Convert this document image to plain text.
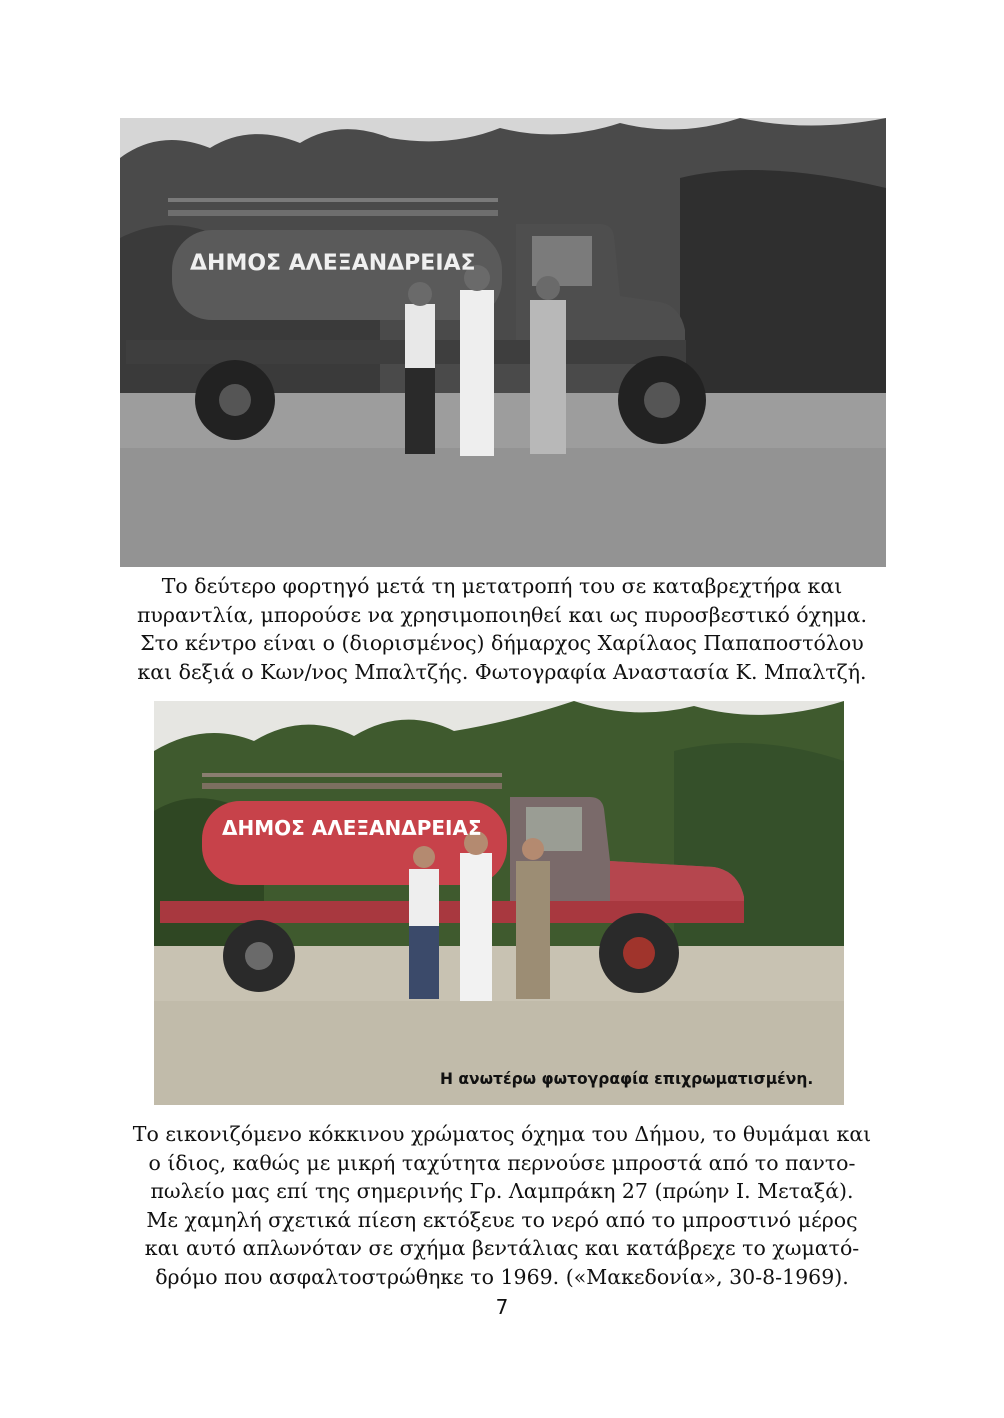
ΔΗΜΟΣ ΑΛΕΞΑΝΔΡΕΙΑΣ
Το δεύτερο φορτηγό μετά τη μετατροπή του σε καταβρεχτήρα και
πυραντλία, μπορούσε να χρησιμοποιηθεί και ως πυροσβεστικό όχημα.
Στο κέντρο είναι ο (διορισμένος) δήμαρχος Χαρίλαος Παπαποστόλου
και δεξιά ο Κων/νος Μπαλτζής. Φωτογραφία Αναστασία Κ. Μπαλτζή.
ΔΗΜΟΣ ΑΛΕΞΑΝΔΡΕΙΑΣ
Η ανωτέρω φωτογραφία επιχρωματισμένη.
Το εικονιζόμενο κόκκινου χρώματος όχημα του Δήμου, το θυμάμαι και
ο ίδιος, καθώς με μικρή ταχύτητα περνούσε μπροστά από το παντο-
πωλείο μας επί της σημερινής Γρ. Λαμπράκη 27 (πρώην Ι. Μεταξά).
Με χαμηλή σχετικά πίεση εκτόξευε το νερό από το μπροστινό μέρος
και αυτό απλωνόταν σε σχήμα βεντάλιας και κατάβρεχε το χωματό-
δρόμο που ασφαλτοστρώθηκε το 1969. («Μακεδονία», 30-8-1969).
7
